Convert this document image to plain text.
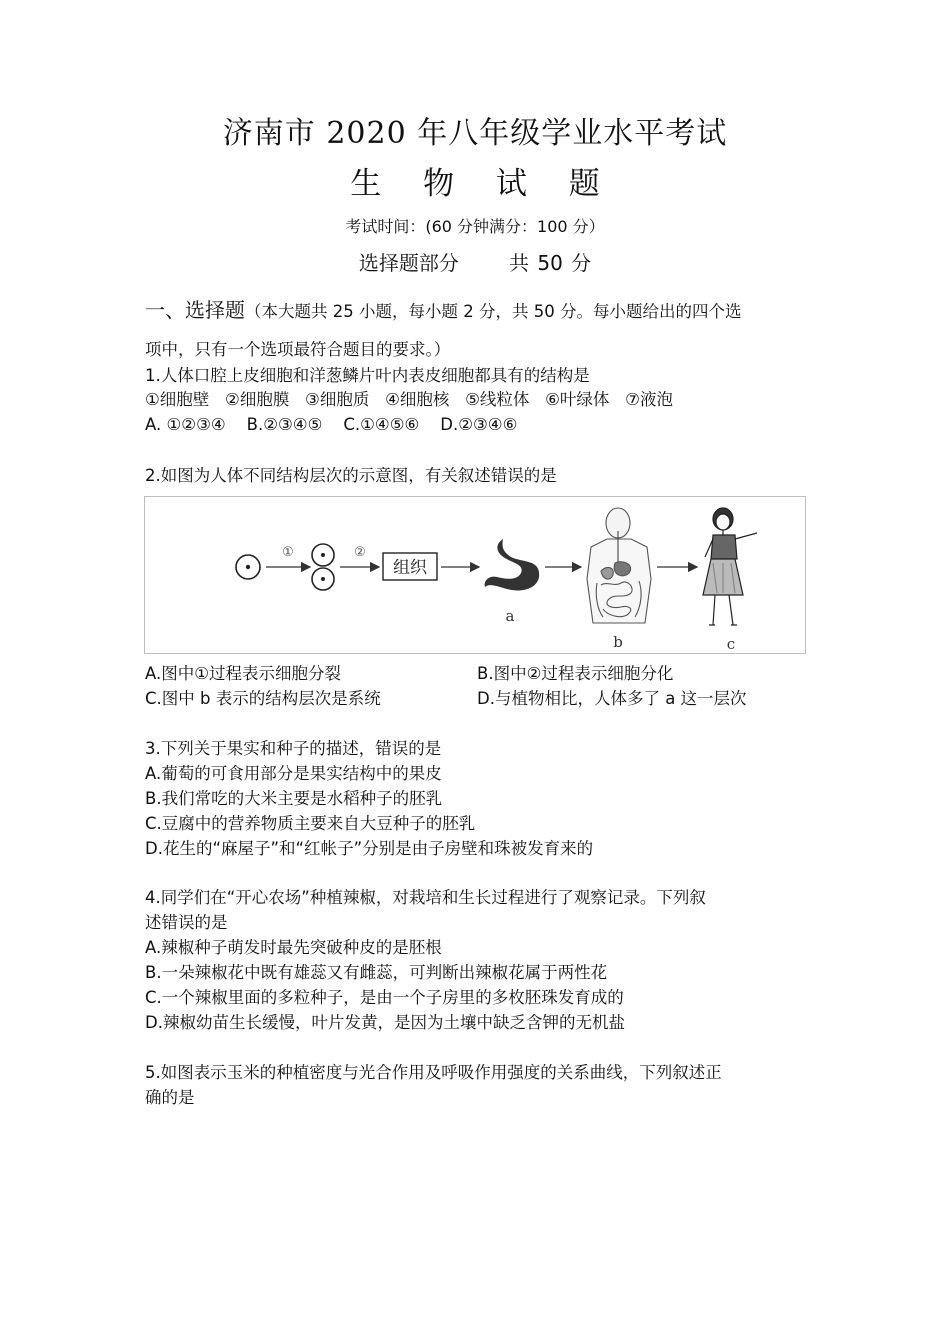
济南市 2020 年八年级学业水平考试
生 物 试 题
考试时间：(60 分钟满分：100 分）
选择题部分      共 50 分
一、选择题（本大题共 25 小题，每小题 2 分，共 50 分。每小题给出的四个选
项中，只有一个选项最符合题目的要求。）
1.人体口腔上皮细胞和洋葱鳞片叶内表皮细胞都具有的结构是
①细胞壁   ②细胞膜   ③细胞质   ④细胞核   ⑤线粒体   ⑥叶绿体   ⑦液泡
A. ①②③④    B.②③④⑤    C.①④⑤⑥    D.②③④⑥
2.如图为人体不同结构层次的示意图，有关叙述错误的是
①	②
组织
a
b	c
A.图中①过程表示细胞分裂	B.图中②过程表示细胞分化
C.图中 b 表示的结构层次是系统	D.与植物相比，人体多了 a 这一层次
3.下列关于果实和种子的描述，错误的是
A.葡萄的可食用部分是果实结构中的果皮
B.我们常吃的大米主要是水稻种子的胚乳
C.豆腐中的营养物质主要来自大豆种子的胚乳
D.花生的“麻屋子”和“红帐子”分别是由子房壁和珠被发育来的
4.同学们在“开心农场”种植辣椒，对栽培和生长过程进行了观察记录。下列叙
述错误的是
A.辣椒种子萌发时最先突破种皮的是胚根
B.一朵辣椒花中既有雄蕊又有雌蕊，可判断出辣椒花属于两性花
C.一个辣椒里面的多粒种子，是由一个子房里的多枚胚珠发育成的
D.辣椒幼苗生长缓慢，叶片发黄，是因为土壤中缺乏含钾的无机盐
5.如图表示玉米的种植密度与光合作用及呼吸作用强度的关系曲线，下列叙述正
确的是
